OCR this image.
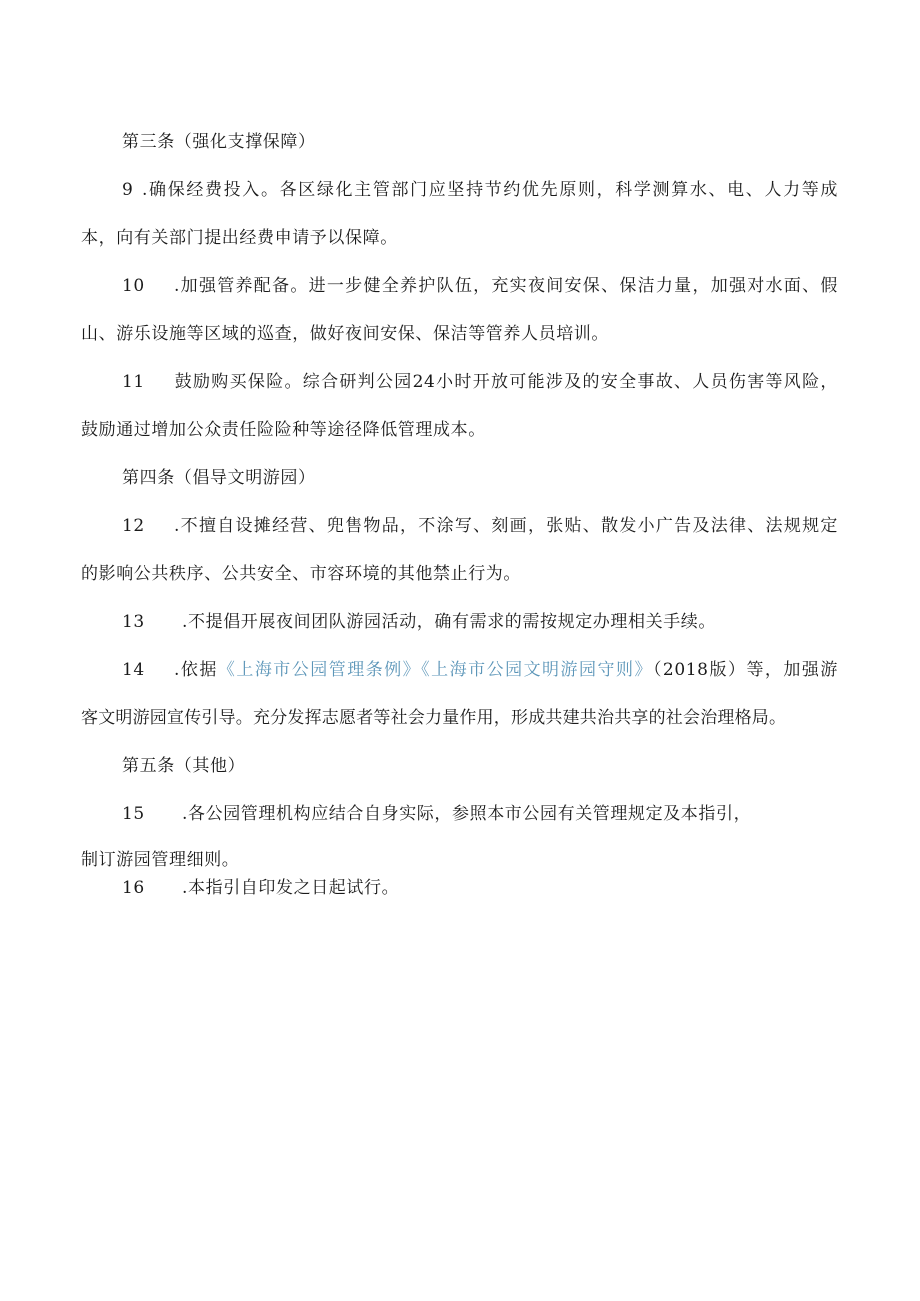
第三条（强化支撑保障）
9 .确保经费投入。各区绿化主管部门应坚持节约优先原则，科学测算水、电、人力等成
本，向有关部门提出经费申请予以保障。
10 .加强管养配备。进一步健全养护队伍，充实夜间安保、保洁力量，加强对水面、假
山、游乐设施等区域的巡查，做好夜间安保、保洁等管养人员培训。
11 鼓励购买保险。综合研判公园24小时开放可能涉及的安全事故、人员伤害等风险，
鼓励通过增加公众责任险险种等途径降低管理成本。
第四条（倡导文明游园）
12 .不擅自设摊经营、兜售物品，不涂写、刻画，张贴、散发小广告及法律、法规规定
的影响公共秩序、公共安全、市容环境的其他禁止行为。
13 .不提倡开展夜间团队游园活动，确有需求的需按规定办理相关手续。
14 .依据《上海市公园管理条例》《上海市公园文明游园守则》（2018版）等，加强游
客文明游园宣传引导。充分发挥志愿者等社会力量作用，形成共建共治共享的社会治理格局。
第五条（其他）
15 .各公园管理机构应结合自身实际，参照本市公园有关管理规定及本指引，
制订游园管理细则。
16 .本指引自印发之日起试行。
